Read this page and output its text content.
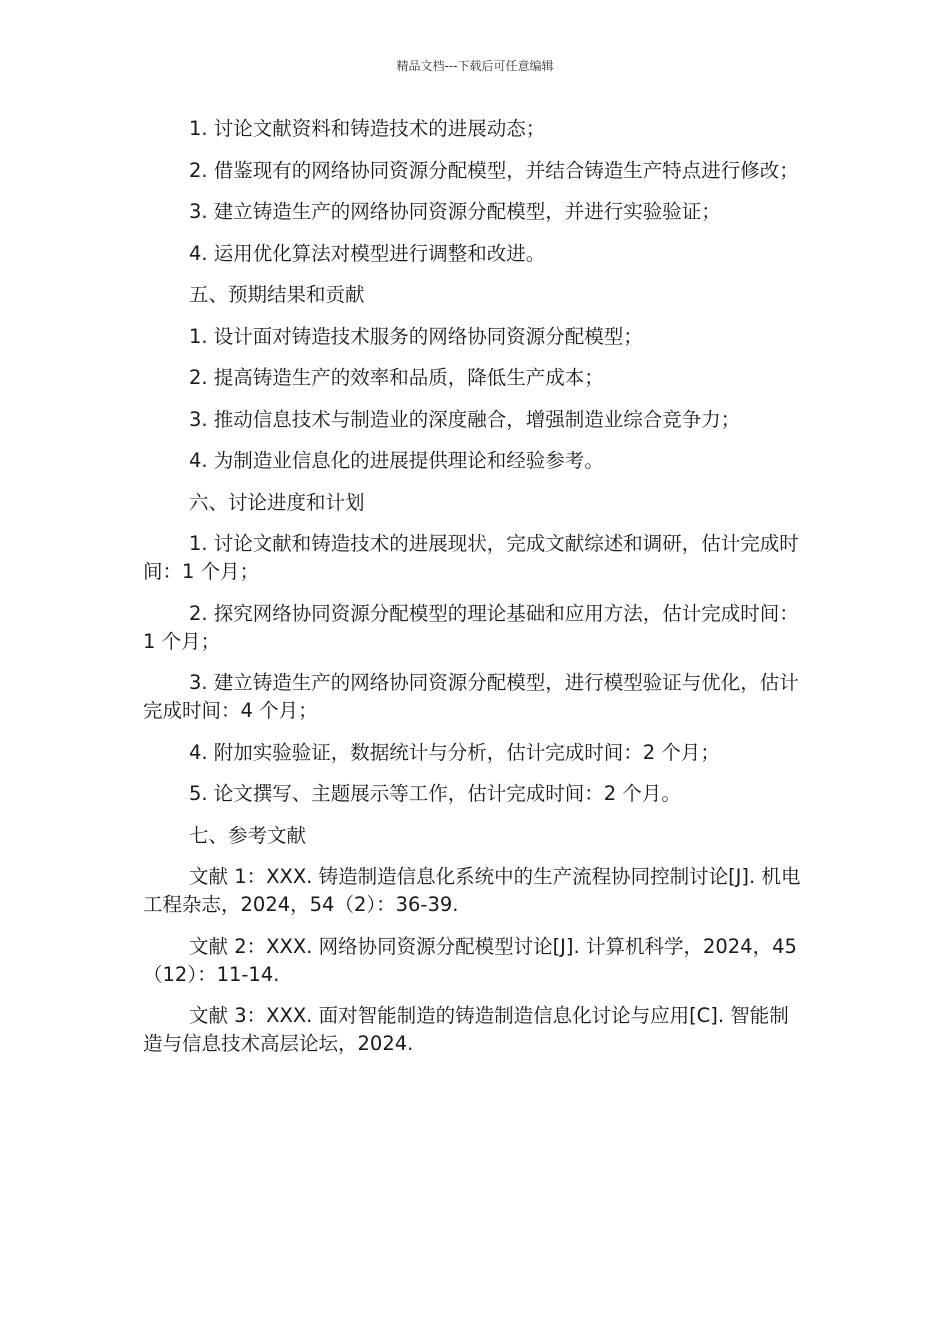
精品文档---下载后可任意编辑

1. 讨论文献资料和铸造技术的进展动态；

2. 借鉴现有的网络协同资源分配模型，并结合铸造生产特点进行修改；

3. 建立铸造生产的网络协同资源分配模型，并进行实验验证；

4. 运用优化算法对模型进行调整和改进。

五、预期结果和贡献

1. 设计面对铸造技术服务的网络协同资源分配模型；

2. 提高铸造生产的效率和品质，降低生产成本；

3. 推动信息技术与制造业的深度融合，增强制造业综合竞争力；

4. 为制造业信息化的进展提供理论和经验参考。

六、讨论进度和计划

1. 讨论文献和铸造技术的进展现状，完成文献综述和调研，估计完成时间：1 个月；

2. 探究网络协同资源分配模型的理论基础和应用方法，估计完成时间：1 个月；

3. 建立铸造生产的网络协同资源分配模型，进行模型验证与优化，估计完成时间：4 个月；

4. 附加实验验证，数据统计与分析，估计完成时间：2 个月；

5. 论文撰写、主题展示等工作，估计完成时间：2 个月。

七、参考文献

文献 1：XXX. 铸造制造信息化系统中的生产流程协同控制讨论[J]. 机电工程杂志，2024，54（2）：36-39.

文献 2：XXX. 网络协同资源分配模型讨论[J]. 计算机科学，2024，45（12）：11-14.

文献 3：XXX. 面对智能制造的铸造制造信息化讨论与应用[C]. 智能制造与信息技术高层论坛，2024.
